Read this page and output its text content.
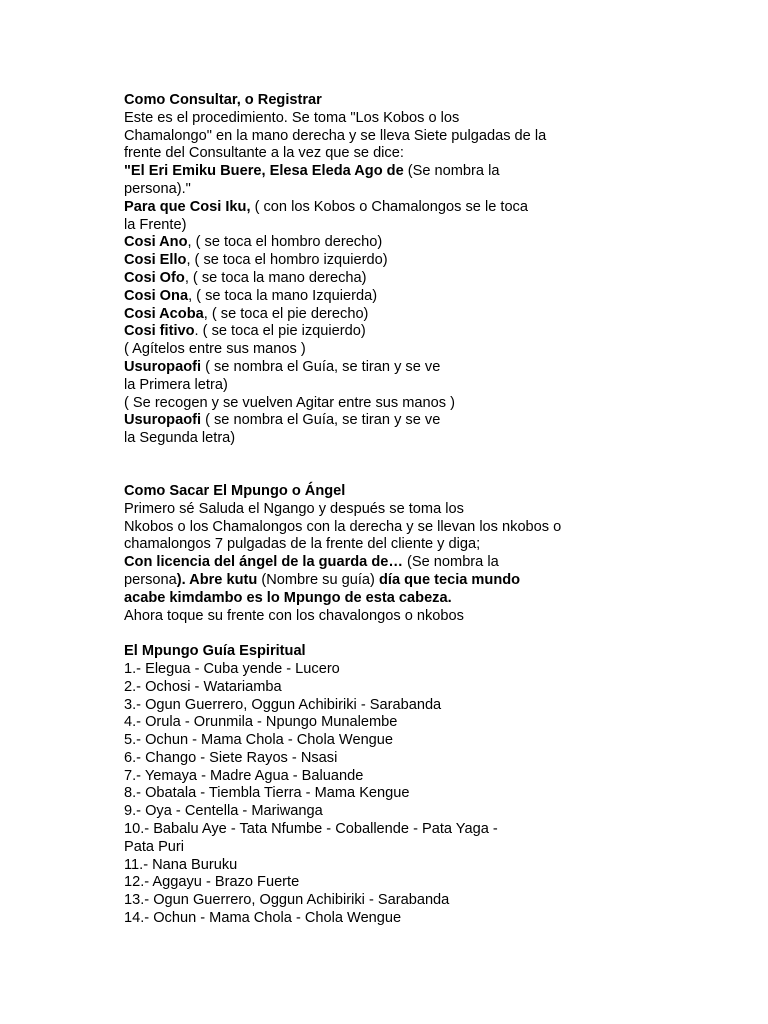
Como Consultar, o Registrar
Este es el procedimiento. Se toma "Los Kobos o los
Chamalongo" en la mano derecha y se lleva Siete pulgadas de la
frente del Consultante a la vez que se dice:
"El Eri Emiku Buere, Elesa Eleda Ago de (Se nombra la
persona)."
Para que Cosi Iku, ( con los Kobos o Chamalongos se le toca
la Frente)
Cosi Ano, ( se toca el hombro derecho)
Cosi Ello, ( se toca el hombro izquierdo)
Cosi Ofo, ( se toca la mano derecha)
Cosi Ona, ( se toca la mano Izquierda)
Cosi Acoba, ( se toca el pie derecho)
Cosi fitivo. ( se toca el pie izquierdo)
( Agítelos entre sus manos )
Usuropaofi ( se nombra el Guía, se tiran y se ve
la Primera letra)
( Se recogen y se vuelven Agitar entre sus manos )
Usuropaofi ( se nombra el Guía, se tiran y se ve
la Segunda letra)
Como Sacar El Mpungo o Ángel
Primero sé Saluda el Ngango y después se toma los
Nkobos o los Chamalongos con la derecha y se llevan los nkobos o
chamalongos 7 pulgadas de la frente del cliente y diga;
Con licencia del ángel de la guarda de… (Se nombra la
persona). Abre kutu (Nombre su guía) día que tecia mundo
acabe kimdambo es lo Mpungo de esta cabeza.
Ahora toque su frente con los chavalongos o nkobos
El Mpungo Guía Espiritual
1.- Elegua - Cuba yende - Lucero
2.- Ochosi - Watariamba
3.- Ogun Guerrero, Oggun Achibiriki - Sarabanda
4.- Orula - Orunmila - Npungo Munalembe
5.- Ochun - Mama Chola - Chola Wengue
6.- Chango - Siete Rayos - Nsasi
7.- Yemaya - Madre Agua - Baluande
8.- Obatala - Tiembla Tierra - Mama Kengue
9.- Oya - Centella - Mariwanga
10.- Babalu Aye - Tata Nfumbe - Coballende - Pata Yaga -
Pata Puri
11.- Nana Buruku
12.- Aggayu - Brazo Fuerte
13.- Ogun Guerrero, Oggun Achibiriki - Sarabanda
14.- Ochun - Mama Chola - Chola Wengue
